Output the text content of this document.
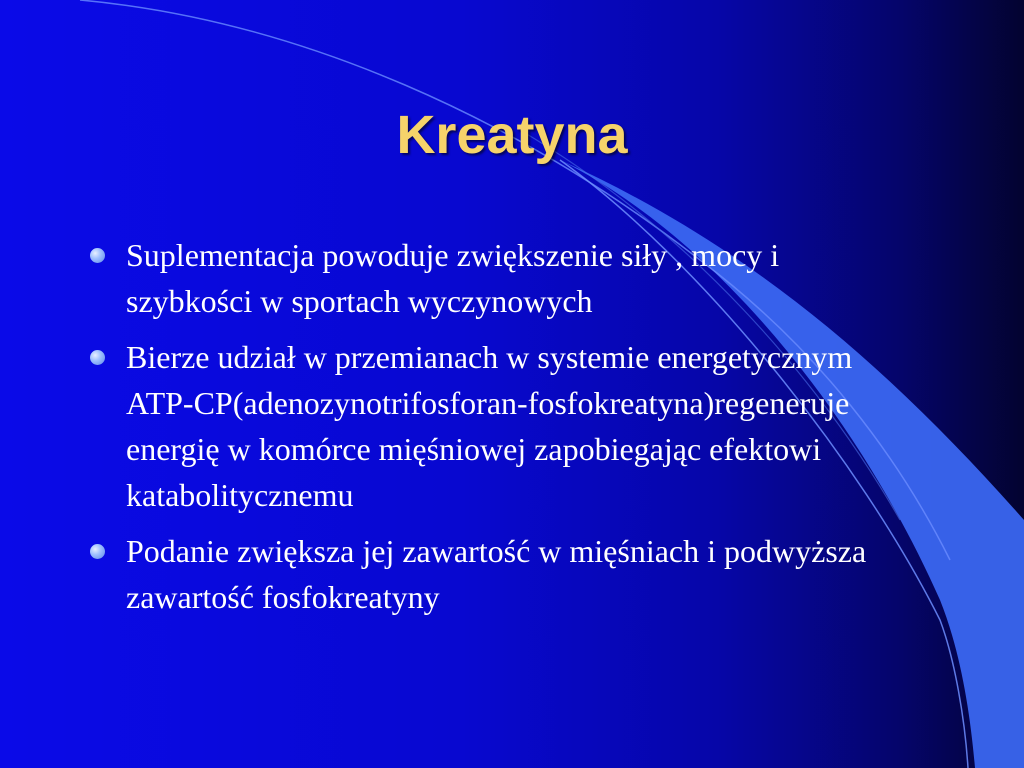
Kreatyna
Suplementacja powoduje zwiększenie siły , mocy i szybkości w sportach wyczynowych
Bierze udział w przemianach w systemie energetycznym ATP-CP(adenozynotrifosforan-fosfokreatyna)regeneruje energię w komórce mięśniowej zapobiegając efektowi katabolitycznemu
Podanie zwiększa jej zawartość w mięśniach i podwyższa zawartość fosfokreatyny
